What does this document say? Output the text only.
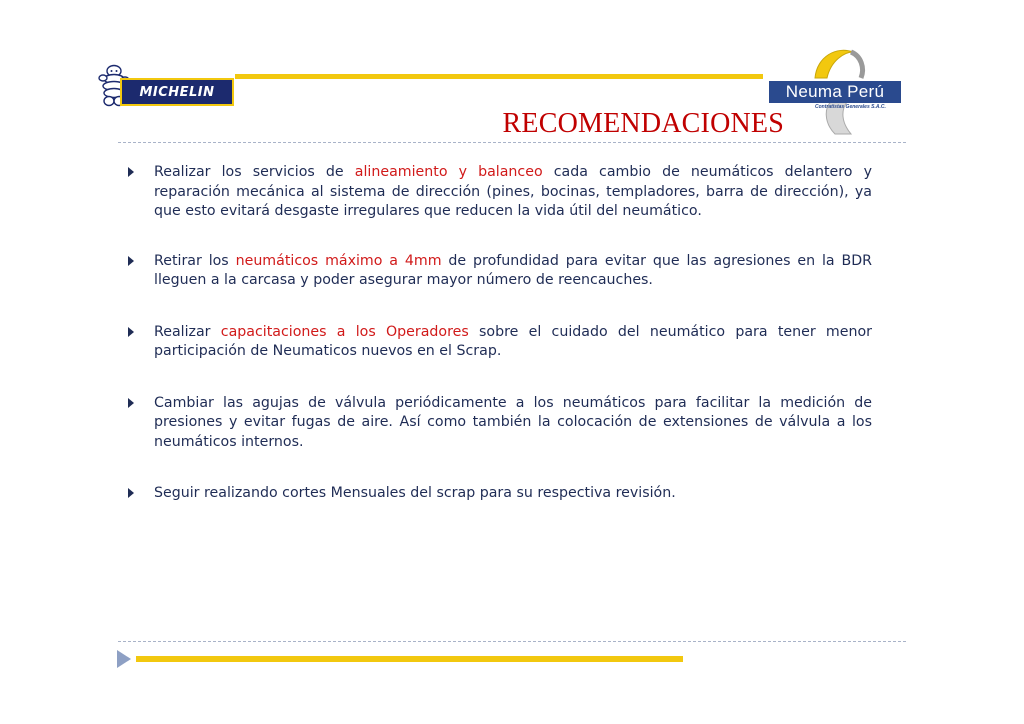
MICHELIN	Neuma Perú
Contratistas Generales S.A.C.
RECOMENDACIONES
Realizar los servicios de alineamiento y balanceo cada cambio de neumáticos delantero y reparación mecánica al sistema de dirección (pines, bocinas, templadores, barra de dirección), ya que esto evitará desgaste irregulares que reducen la vida útil del neumático.
Retirar los neumáticos máximo a 4mm de profundidad para evitar que las agresiones en la BDR lleguen a la carcasa y poder asegurar mayor número de reencauches.
Realizar capacitaciones a los Operadores sobre el cuidado del neumático para tener menor participación de Neumaticos nuevos en el Scrap.
Cambiar las agujas de válvula periódicamente a los neumáticos para facilitar la medición de presiones y evitar fugas de aire. Así como también la colocación de extensiones de válvula a los neumáticos internos.
Seguir realizando cortes Mensuales del scrap para su respectiva revisión.
